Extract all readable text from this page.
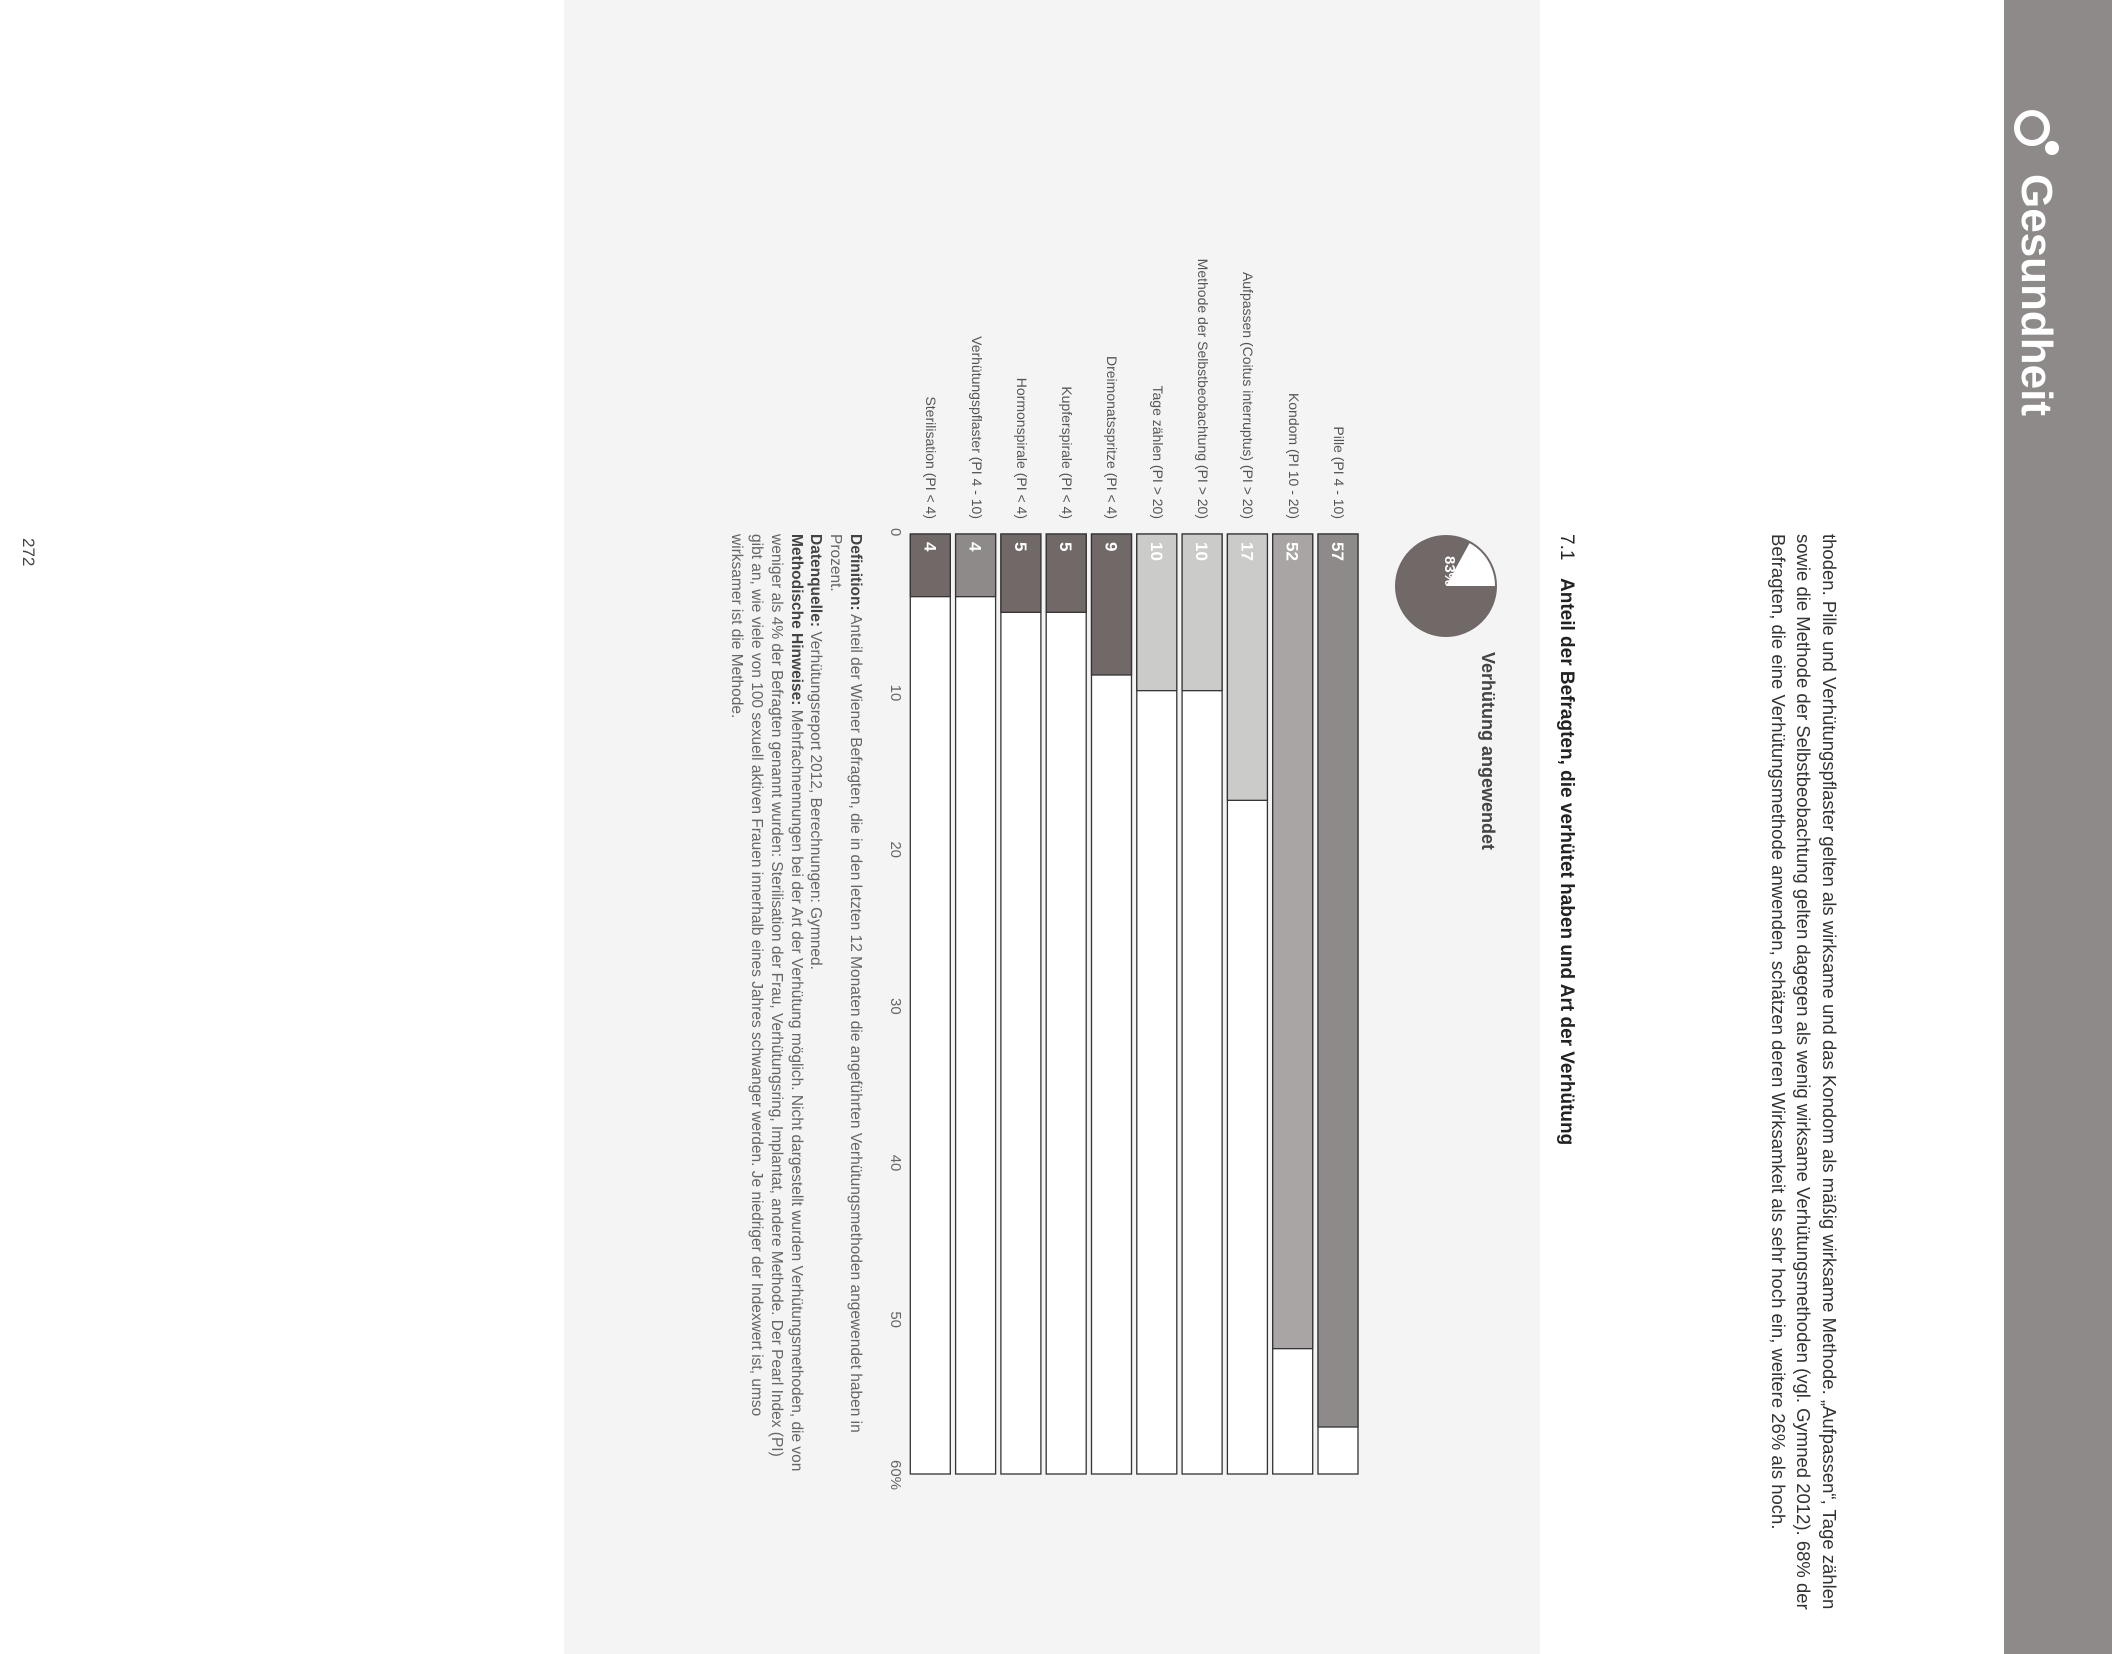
272
Gesundheit

thoden. Pille und Verhütungspflaster gelten als wirksame und das Kondom als mäßig wirksame Methode. „Aufpassen“, Tage zählen sowie die Methode der Selbstbeobachtung gelten dagegen als wenig wirksame Verhütungsmethoden (vgl. Gymned 2012). 68% der Befragten, die eine Verhütungsmethode anwenden, schätzen deren Wirksamkeit als sehr hoch ein, weitere 26% als hoch.

7.1Anteil der Befragten, die verhütet haben und Art der Verhütung
83%
Verhütung angewendet
Pille (PI 4 - 10)
Kondom (PI 10 - 20)
Aufpassen (Coitus interruptus) (PI > 20)
Methode der Selbstbeobachtung (PI > 20)
Tage zählen (PI > 20)
Dreimonatsspritze (PI < 4)
Kupferspirale (PI < 4)
Hormonspirale (PI < 4)
Verhütungspflaster (PI 4 - 10)
Sterilisation (PI < 4)
57
52
17
10
10
9
5
5
4
4
0
10
20
30
40
50
60%

Definition: Anteil der Wiener Befragten, die in den letzten 12 Monaten die angeführten Verhütungsmethoden angewendet haben in Prozent.
Datenquelle: Verhütungsreport 2012, Berechnungen: Gymned.
Methodische Hinweise: Mehrfachnennungen bei der Art der Verhütung möglich. Nicht dargestellt wurden Verhütungsmethoden, die von weniger als 4% der Befragten genannt wurden: Sterilisation der Frau, Verhütungsring, Implantat, andere Methode. Der Pearl Index (PI) gibt an, wie viele von 100 sexuell aktiven Frauen innerhalb eines Jahres schwanger werden. Je niedriger der Indexwert ist, umso wirksamer ist die Methode.
